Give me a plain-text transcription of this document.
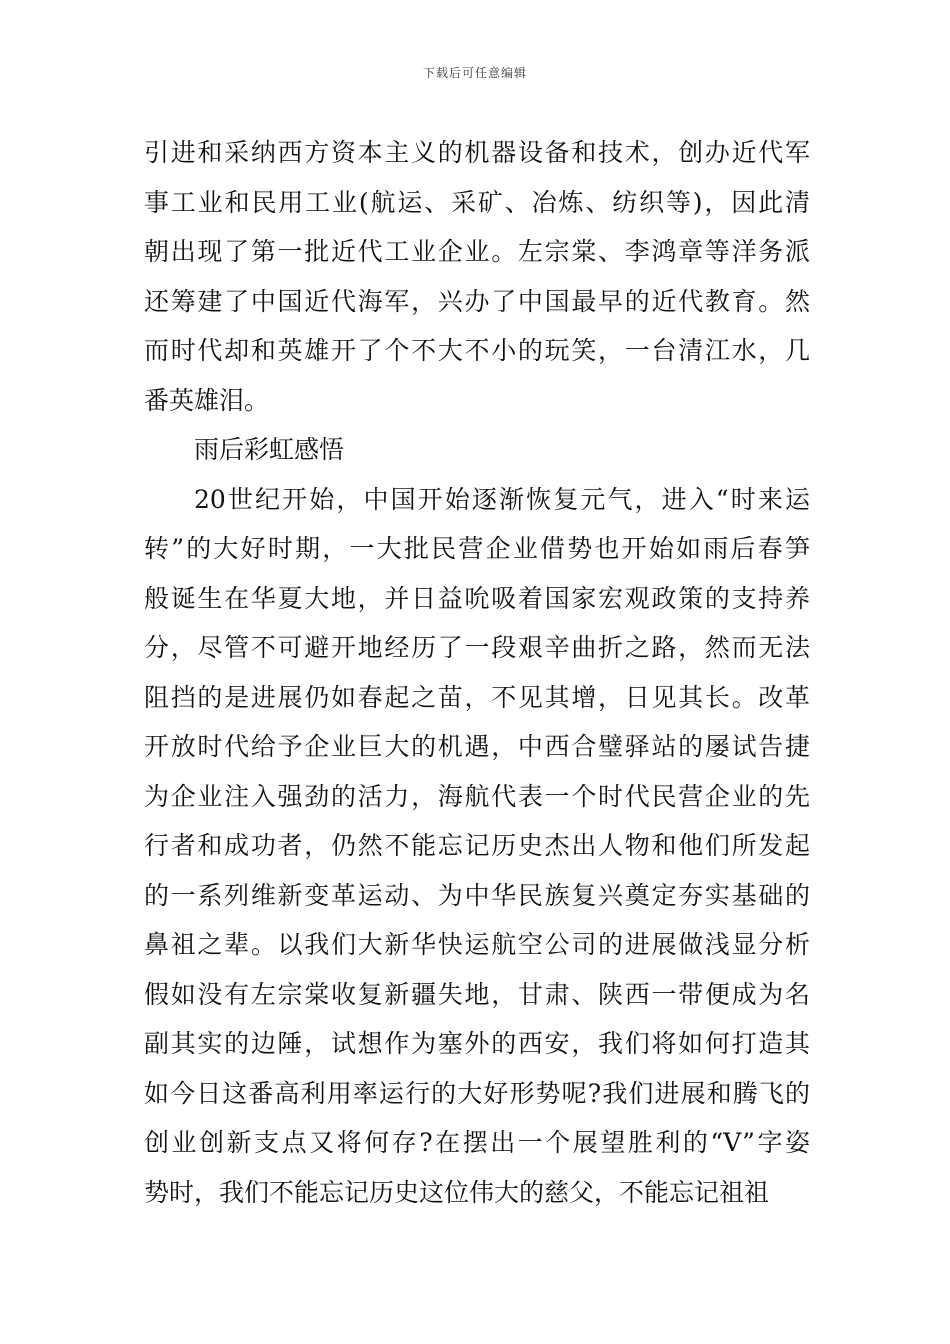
下载后可任意编辑
引进和采纳西方资本主义的机器设备和技术，创办近代军
事工业和民用工业(航运、采矿、冶炼、纺织等)，因此清
朝出现了第一批近代工业企业。左宗棠、李鸿章等洋务派
还筹建了中国近代海军，兴办了中国最早的近代教育。然
而时代却和英雄开了个不大不小的玩笑，一台清江水，几
番英雄泪。
雨后彩虹感悟
20世纪开始，中国开始逐渐恢复元气，进入“时来运
转”的大好时期，一大批民营企业借势也开始如雨后春笋
般诞生在华夏大地，并日益吮吸着国家宏观政策的支持养
分，尽管不可避开地经历了一段艰辛曲折之路，然而无法
阻挡的是进展仍如春起之苗，不见其增，日见其长。改革
开放时代给予企业巨大的机遇，中西合璧驿站的屡试告捷
为企业注入强劲的活力，海航代表一个时代民营企业的先
行者和成功者，仍然不能忘记历史杰出人物和他们所发起
的一系列维新变革运动、为中华民族复兴奠定夯实基础的
鼻祖之辈。以我们大新华快运航空公司的进展做浅显分析
假如没有左宗棠收复新疆失地，甘肃、陕西一带便成为名
副其实的边陲，试想作为塞外的西安，我们将如何打造其
如今日这番高利用率运行的大好形势呢?我们进展和腾飞的
创业创新支点又将何存?在摆出一个展望胜利的“V”字姿
势时，我们不能忘记历史这位伟大的慈父，不能忘记祖祖
